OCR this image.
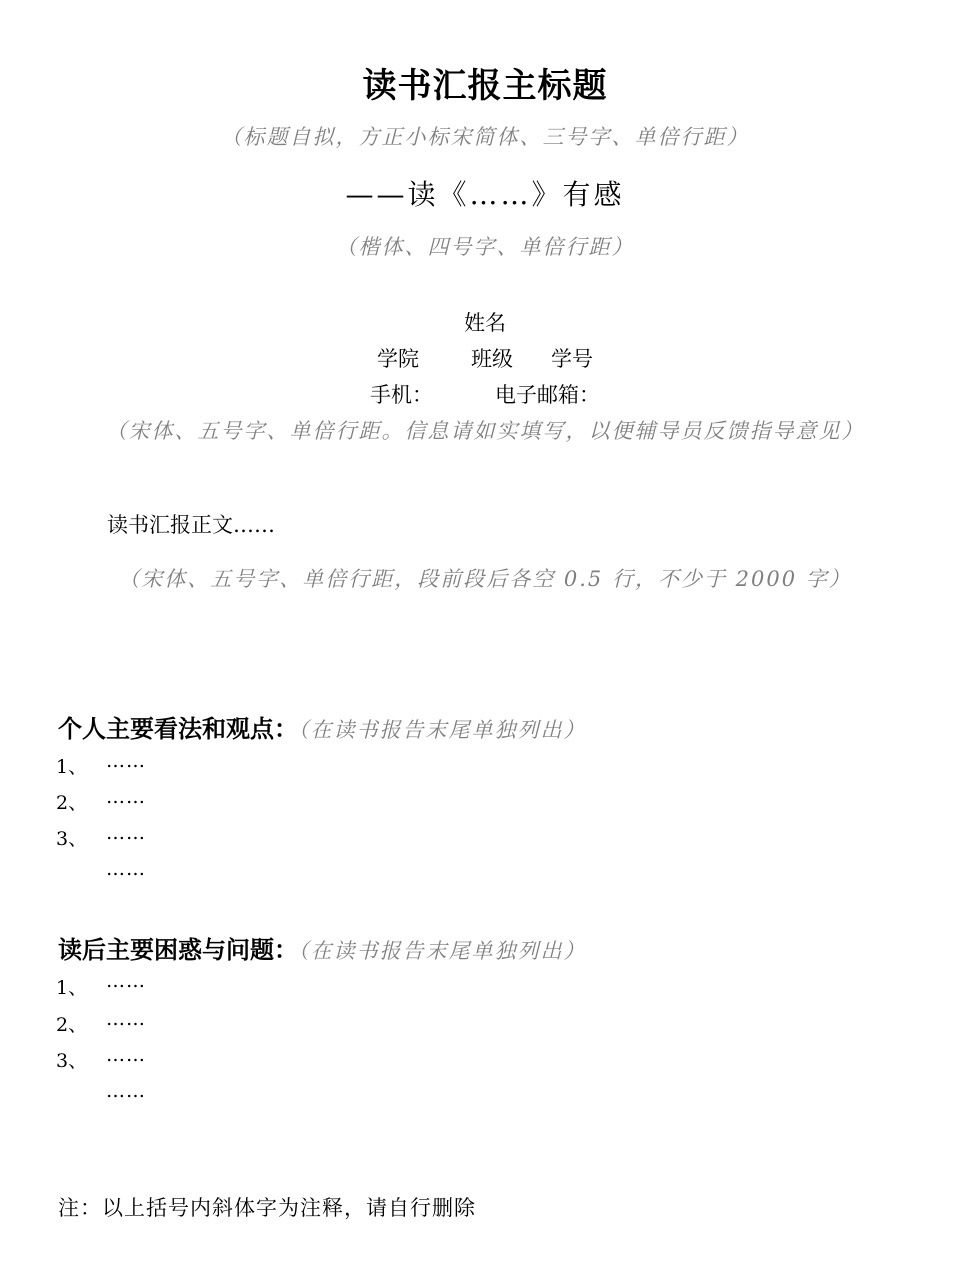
读书汇报主标题
（标题自拟，方正小标宋简体、三号字、单倍行距）
——读《……》有感
（楷体、四号字、单倍行距）
姓名
学院 班级 学号
手机：	电子邮箱：
（宋体、五号字、单倍行距。信息请如实填写，以便辅导员反馈指导意见）
读书汇报正文……
（宋体、五号字、单倍行距，段前段后各空 0.5 行，不少于 2000 字）
个人主要看法和观点：（在读书报告末尾单独列出）
1、 ……
2、 ……
3、 ……
……
读后主要困惑与问题：（在读书报告末尾单独列出）
1、 ……
2、 ……
3、 ……
……
注：以上括号内斜体字为注释，请自行删除
